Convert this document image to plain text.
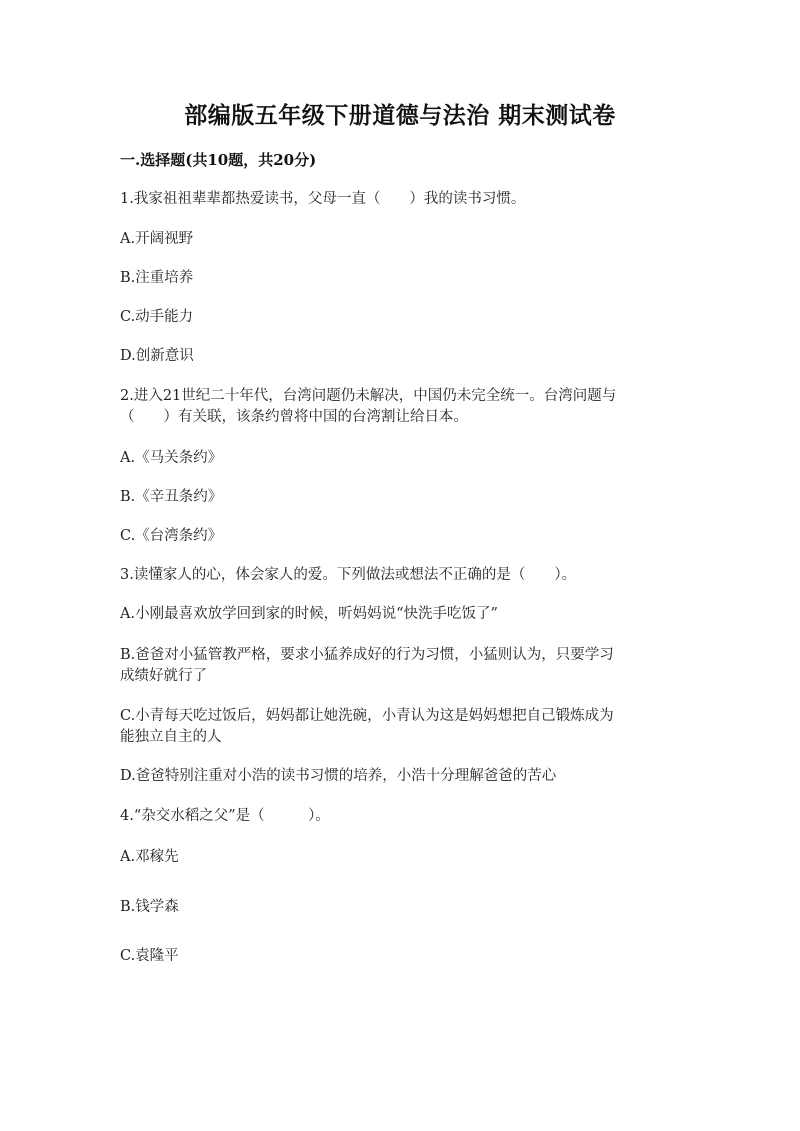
部编版五年级下册道德与法治 期末测试卷
一.选择题(共10题，共20分)
1.我家祖祖辈辈都热爱读书，父母一直（　　）我的读书习惯。
A.开阔视野
B.注重培养
C.动手能力
D.创新意识
2.进入21世纪二十年代，台湾问题仍未解决，中国仍未完全统一。台湾问题与
（　　）有关联，该条约曾将中国的台湾割让给日本。
A.《马关条约》
B.《辛丑条约》
C.《台湾条约》
3.读懂家人的心，体会家人的爱。下列做法或想法不正确的是（　　）。
A.小刚最喜欢放学回到家的时候，听妈妈说“快洗手吃饭了”
B.爸爸对小猛管教严格，要求小猛养成好的行为习惯，小猛则认为，只要学习
成绩好就行了
C.小青每天吃过饭后，妈妈都让她洗碗，小青认为这是妈妈想把自己锻炼成为
能独立自主的人
D.爸爸特别注重对小浩的读书习惯的培养，小浩十分理解爸爸的苦心
4.“杂交水稻之父”是（　　　）。
A.邓稼先
B.钱学森
C.袁隆平
